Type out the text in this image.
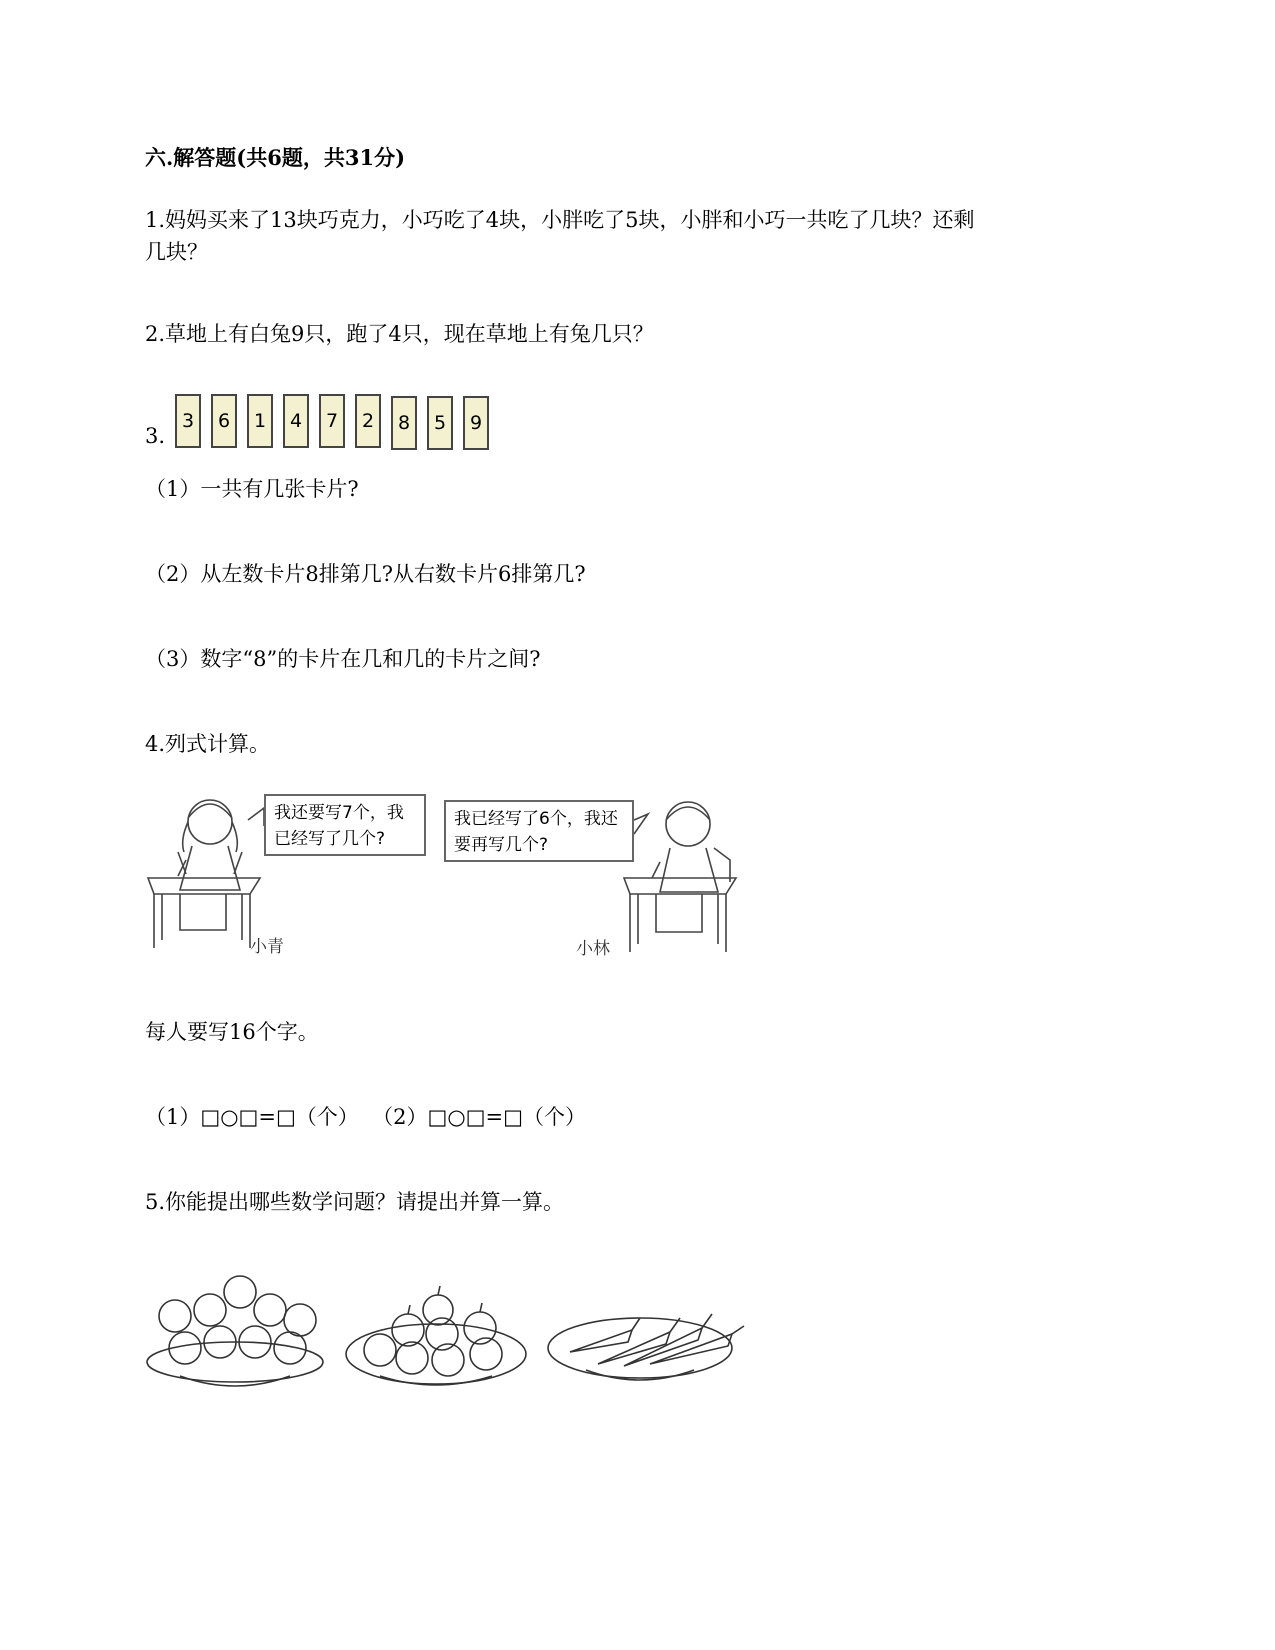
六.解答题(共6题，共31分)

1.妈妈买来了13块巧克力，小巧吃了4块，小胖吃了5块，小胖和小巧一共吃了几块？还剩

几块？

2.草地上有白兔9只，跑了4只，现在草地上有兔几只？

3.

3	6	1	4	7	2	8	5	9

（1）一共有几张卡片?

（2）从左数卡片8排第几?从右数卡片6排第几?

（3）数字“8”的卡片在几和几的卡片之间?

4.列式计算。

我还要写7个，我已经写了几个?
我已经写了6个，我还要再写几个?
小青	小林

每人要写16个字。

（1）□○□=□（个）  （2）□○□=□（个）

5.你能提出哪些数学问题？请提出并算一算。
